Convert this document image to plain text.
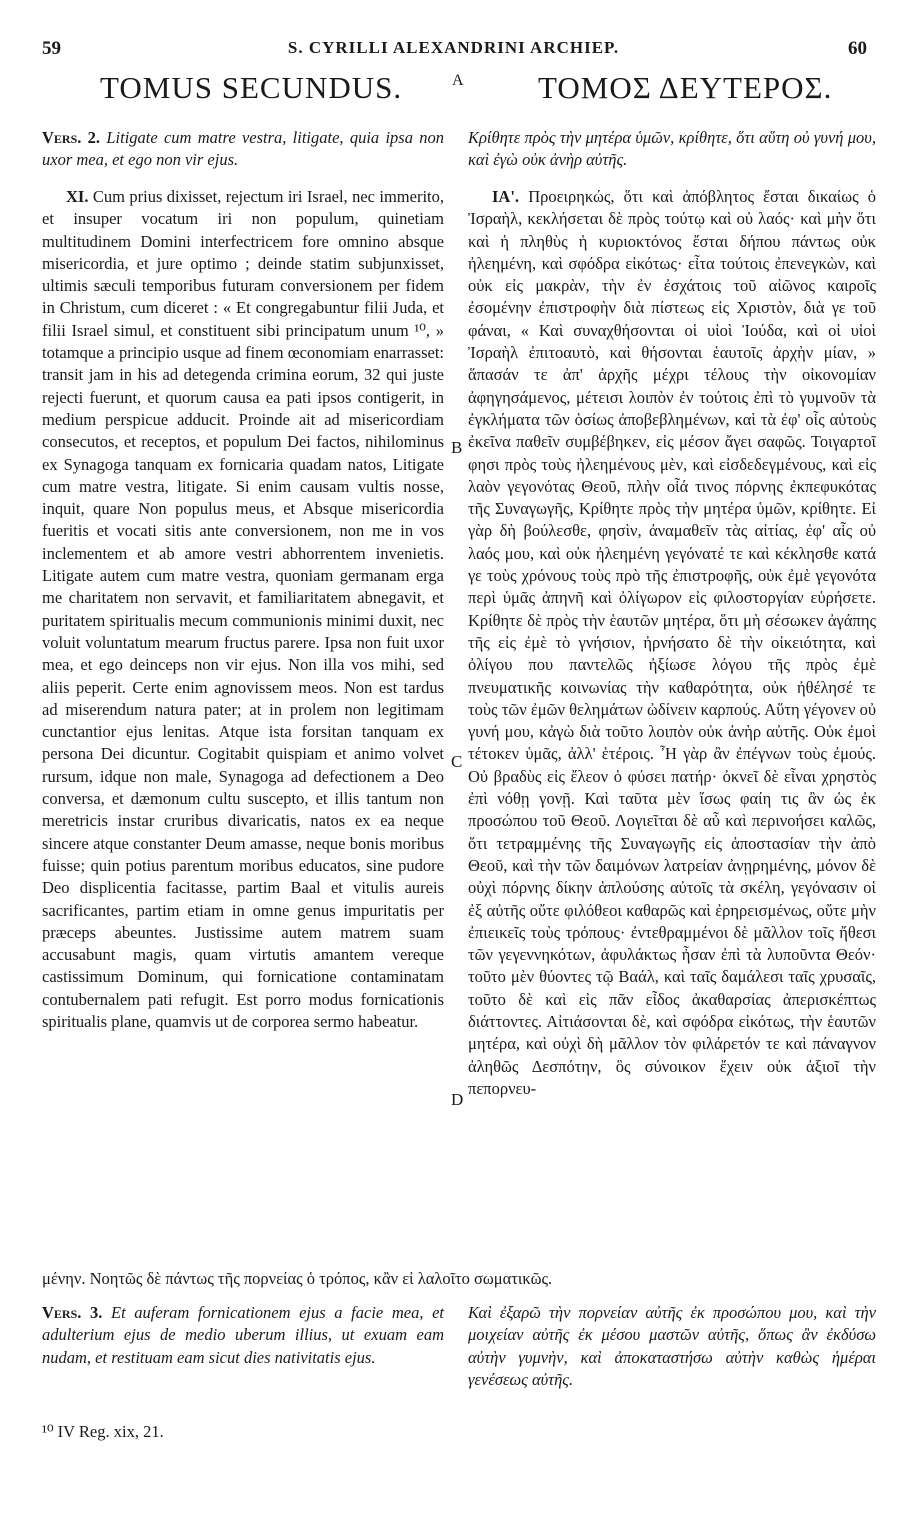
59	S. CYRILLI ALEXANDRINI ARCHIEP.	60
TOMUS SECUNDUS.	A ΤΟΜΟΣ ΔΕΥΤΕΡΟΣ.
Vers. 2. Litigate cum matre vestra, litigate, quia ipsa non uxor mea, et ego non vir ejus.
XI. Cum prius dixisset, rejectum iri Israel, nec immerito, et insuper vocatum iri non populum, quinetiam multitudinem Domini interfectricem fore omnino absque misericordia, et jure optimo ; deinde statim subjunxisset, ultimis sæculi temporibus futuram conversionem per fidem in Christum, cum diceret : « Et congregabuntur filii Juda, et filii Israel simul, et constituent sibi principatum unum ¹⁰, » totamque a principio usque ad finem œconomiam enarrasset: transit jam in his ad detegenda crimina eorum, 32 qui juste rejecti fuerunt, et quorum causa ea pati ipsos contigerit, in medium perspicue adducit. Proinde ait ad misericordiam consecutos, et receptos, et populum Dei factos, nihilominus ex Synagoga tanquam ex fornicaria quadam natos, Litigate cum matre vestra, litigate. Si enim causam vultis nosse, inquit, quare Non populus meus, et Absque misericordia fueritis et vocati sitis ante conversionem, non me in vos inclementem et ab amore vestri abhorrentem invenietis. Litigate autem cum matre vestra, quoniam germanam erga me charitatem non servavit, et familiaritatem abnegavit, et puritatem spiritualis mecum communionis minimi duxit, nec voluit voluntatum mearum fructus parere. Ipsa non fuit uxor mea, et ego deinceps non vir ejus. Non illa vos mihi, sed aliis peperit. Certe enim agnovissem meos. Non est tardus ad miserendum natura pater; at in prolem non legitimam cunctantior ejus lenitas. Atque ista forsitan tanquam ex persona Dei dicuntur. Cogitabit quispiam et animo volvet rursum, idque non male, Synagoga ad defectionem a Deo conversa, et dæmonum cultu suscepto, et illis tantum non meretricis instar cruribus divaricatis, natos ex ea neque sincere atque constanter Deum amasse, neque bonis moribus fuisse; quin potius parentum moribus educatos, sine pudore Deo displicentia facitasse, partim Baal et vitulis aureis sacrificantes, partim etiam in omne genus impuritatis per præceps abeuntes. Justissime autem matrem suam accusabunt magis, quam virtutis amantem vereque castissimum Dominum, qui fornicatione contaminatam contubernalem pati refugit. Est porro modus fornicationis spiritualis plane, quamvis ut de corporea sermo habeatur.
Κρίθητε πρὸς τὴν μητέρα ὑμῶν, κρίθητε, ὅτι αὕτη οὐ γυνή μου, καὶ ἐγὼ οὐκ ἀνὴρ αὐτῆς.
ΙΑ'. Προειρηκώς, ὅτι καὶ ἀπόβλητος ἔσται δικαίως ὁ Ἰσραὴλ, κεκλήσεται δὲ πρὸς τούτῳ καὶ οὐ λαός· καὶ μὴν ὅτι καὶ ἡ πληθὺς ἡ κυριοκτόνος ἔσται δήπου πάντως οὐκ ἠλεημένη, καὶ σφόδρα εἰκότως· εἶτα τούτοις ἐπενεγκὼν, καὶ οὐκ εἰς μακρὰν, τὴν ἐν ἐσχάτοις τοῦ αἰῶνος καιροῖς ἐσομένην ἐπιστροφὴν διὰ πίστεως εἰς Χριστὸν, διὰ γε τοῦ φάναι, « Καὶ συναχθήσονται οἱ υἱοὶ Ἰούδα, καὶ οἱ υἱοὶ Ἰσραὴλ ἐπιτοαυτὸ, καὶ θήσονται ἑαυτοῖς ἀρχὴν μίαν, » ἅπασάν τε ἀπ' ἀρχῆς μέχρι τέλους τὴν οἰκονομίαν ἀφηγησάμενος, μέτεισι λοιπὸν ἐν τούτοις ἐπὶ τὸ γυμνοῦν τὰ ἐγκλήματα τῶν ὁσίως ἀποβεβλημένων, καὶ τὰ ἐφ' οἷς αὐτοὺς ἐκεῖνα παθεῖν συμβέβηκεν, εἰς μέσον ἄγει σαφῶς. Τοιγαρτοῖ φησι πρὸς τοὺς ἠλεημένους μὲν, καὶ εἰσδεδεγμένους, καὶ εἰς λαὸν γεγονότας Θεοῦ, πλὴν οἷά τινος πόρνης ἐκπεφυκότας τῆς Συναγωγῆς, Κρίθητε πρὸς τὴν μητέρα ὑμῶν, κρίθητε. Εἰ γὰρ δὴ βούλεσθε, φησὶν, ἀναμαθεῖν τὰς αἰτίας, ἐφ' αἷς οὐ λαός μου, καὶ οὐκ ἠλεημένη γεγόνατέ τε καὶ κέκλησθε κατά γε τοὺς χρόνους τοὺς πρὸ τῆς ἐπιστροφῆς, οὐκ ἐμὲ γεγονότα περὶ ὑμᾶς ἀπηνῆ καὶ ὀλίγωρον εἰς φιλοστοργίαν εὑρήσετε. Κρίθητε δὲ πρὸς τὴν ἑαυτῶν μητέρα, ὅτι μὴ σέσωκεν ἀγάπης τῆς εἰς ἐμὲ τὸ γνήσιον, ἠρνήσατο δὲ τὴν οἰκειότητα, καὶ ὀλίγου που παντελῶς ἠξίωσε λόγου τῆς πρὸς ἐμὲ πνευματικῆς κοινωνίας τὴν καθαρότητα, οὐκ ἠθέλησέ τε τοὺς τῶν ἐμῶν θελημάτων ὠδίνειν καρπούς. Αὕτη γέγονεν οὐ γυνή μου, κἀγὼ διὰ τοῦτο λοιπὸν οὐκ ἀνὴρ αὐτῆς. Οὐκ ἐμοὶ τέτοκεν ὑμᾶς, ἀλλ' ἑτέροις. Ἦ γὰρ ἂν ἐπέγνων τοὺς ἐμούς. Οὐ βραδὺς εἰς ἔλεον ὁ φύσει πατήρ· ὀκνεῖ δὲ εἶναι χρηστὸς ἐπὶ νόθῃ γονῇ. Καὶ ταῦτα μὲν ἴσως φαίη τις ἂν ὡς ἐκ προσώπου τοῦ Θεοῦ. Λογιεῖται δὲ αὖ καὶ περινοήσει καλῶς, ὅτι τετραμμένης τῆς Συναγωγῆς εἰς ἀποστασίαν τὴν ἀπὸ Θεοῦ, καὶ τὴν τῶν δαιμόνων λατρείαν ἀνῃρημένης, μόνον δὲ οὐχὶ πόρνης δίκην ἁπλούσης αὐτοῖς τὰ σκέλη, γεγόνασιν οἱ ἐξ αὐτῆς οὔτε φιλόθεοι καθαρῶς καὶ ἐρηρεισμένως, οὔτε μὴν ἐπιεικεῖς τοὺς τρόπους· ἐντεθραμμένοι δὲ μᾶλλον τοῖς ἤθεσι τῶν γεγεννηκότων, ἀφυλάκτως ἦσαν ἐπὶ τὰ λυποῦντα Θεόν· τοῦτο μὲν θύοντες τῷ Βαάλ, καὶ ταῖς δαμάλεσι ταῖς χρυσαῖς, τοῦτο δὲ καὶ εἰς πᾶν εἶδος ἀκαθαρσίας ἀπερισκέπτως διάττοντες. Αἰτιάσονται δὲ, καὶ σφόδρα εἰκότως, τὴν ἑαυτῶν μητέρα, καὶ οὐχὶ δὴ μᾶλλον τὸν φιλάρετόν τε καὶ πάναγνον ἀληθῶς Δεσπότην, ὃς σύνοικον ἔχειν οὐκ ἀξιοῖ τὴν πεπορνευ-
μένην. Νοητῶς δὲ πάντως τῆς πορνείας ὁ τρόπος, κἂν εἰ λαλοῖτο σωματικῶς.
B
C
D
Vers. 3. Et auferam fornicationem ejus a facie mea, et adulterium ejus de medio uberum illius, ut exuam eam nudam, et restituam eam sicut dies nativitatis ejus.
Καὶ ἐξαρῶ τὴν πορνείαν αὐτῆς ἐκ προσώπου μου, καὶ τὴν μοιχείαν αὐτῆς ἐκ μέσου μαστῶν αὐτῆς, ὅπως ἂν ἐκδύσω αὐτὴν γυμνὴν, καὶ ἀποκαταστήσω αὐτὴν καθὼς ἡμέραι γενέσεως αὐτῆς.
¹⁰ IV Reg. xix, 21.
